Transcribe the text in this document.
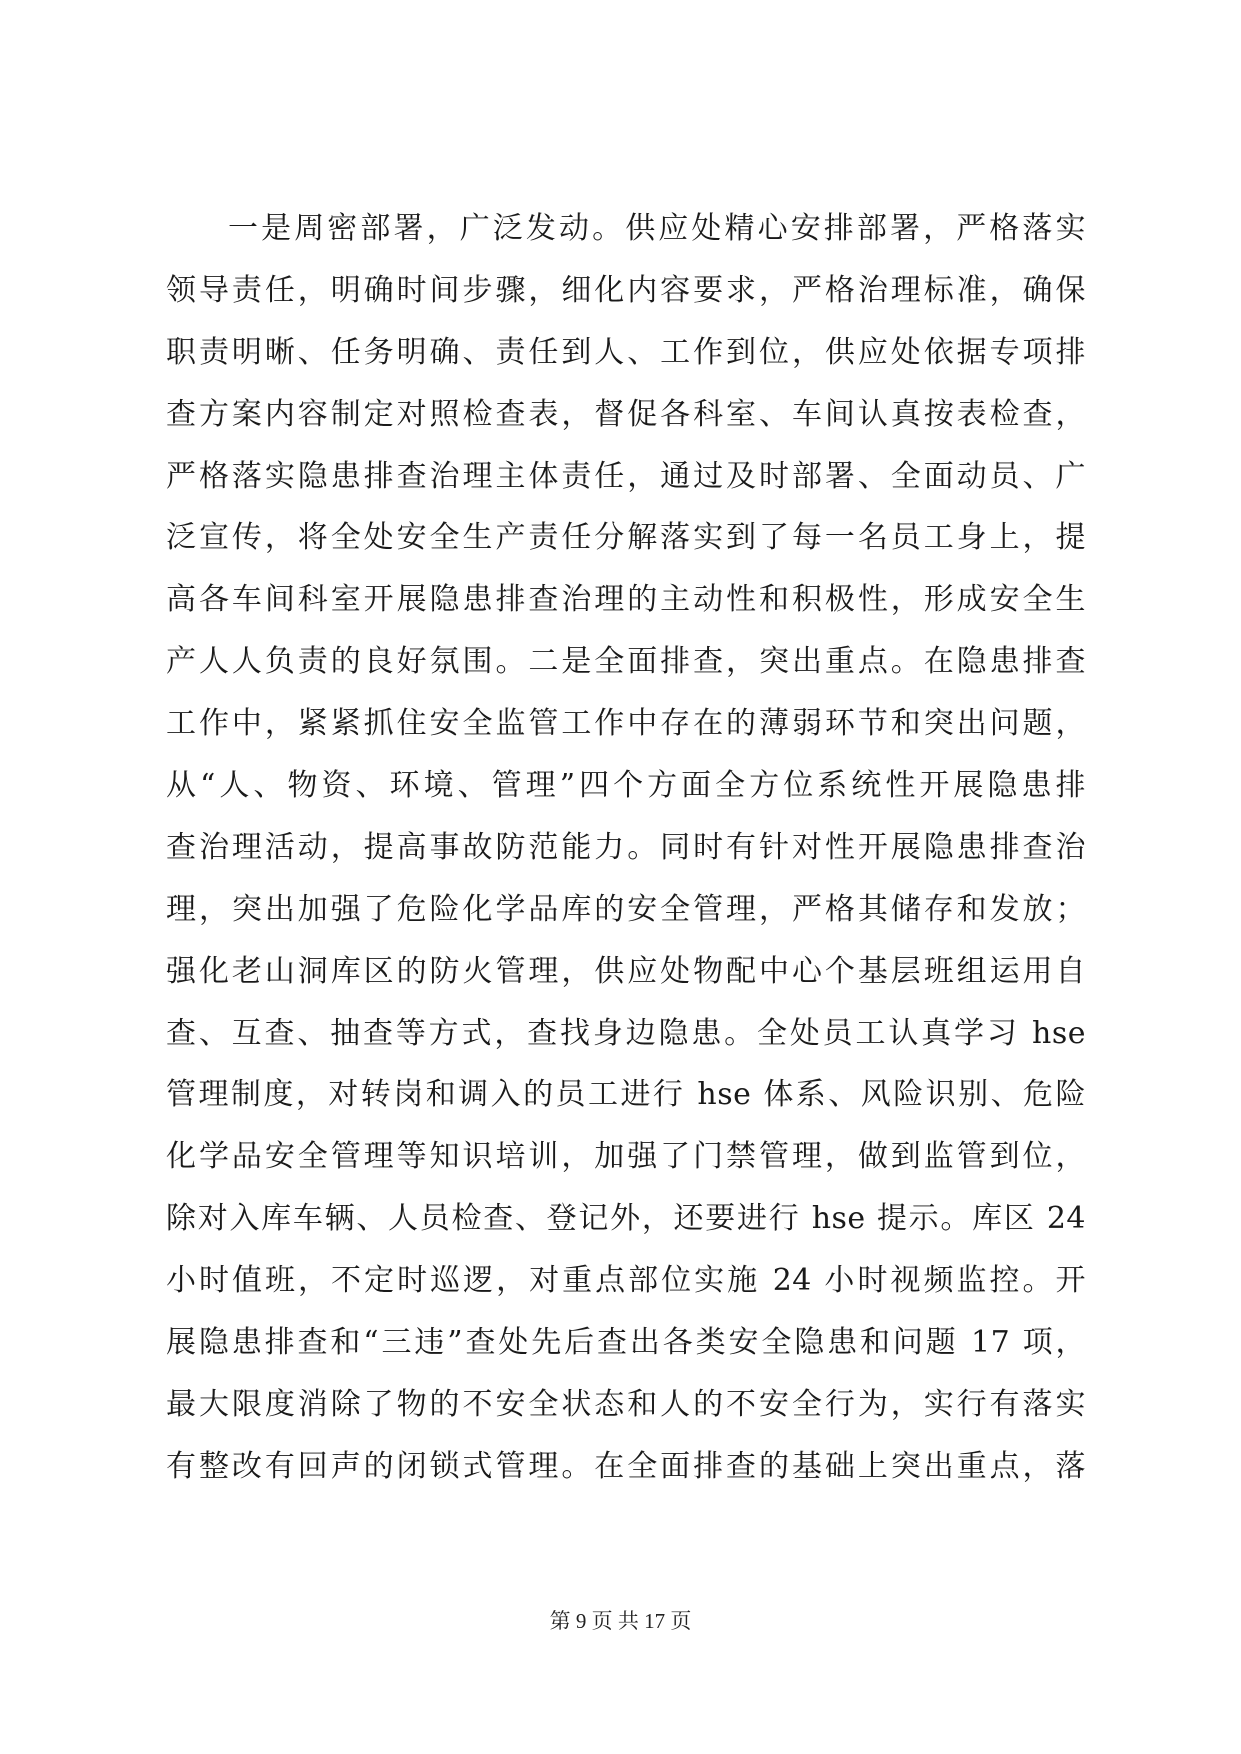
一是周密部署，广泛发动。供应处精心安排部署，严格落实
领导责任，明确时间步骤，细化内容要求，严格治理标准，确保
职责明晰、任务明确、责任到人、工作到位，供应处依据专项排
查方案内容制定对照检查表，督促各科室、车间认真按表检查，
严格落实隐患排查治理主体责任，通过及时部署、全面动员、广
泛宣传，将全处安全生产责任分解落实到了每一名员工身上，提
高各车间科室开展隐患排查治理的主动性和积极性，形成安全生
产人人负责的良好氛围。二是全面排查，突出重点。在隐患排查
工作中，紧紧抓住安全监管工作中存在的薄弱环节和突出问题，
从“人、物资、环境、管理”四个方面全方位系统性开展隐患排
查治理活动，提高事故防范能力。同时有针对性开展隐患排查治
理，突出加强了危险化学品库的安全管理，严格其储存和发放；
强化老山洞库区的防火管理，供应处物配中心个基层班组运用自
查、互查、抽查等方式，查找身边隐患。全处员工认真学习 hse
管理制度，对转岗和调入的员工进行 hse 体系、风险识别、危险
化学品安全管理等知识培训，加强了门禁管理，做到监管到位，
除对入库车辆、人员检查、登记外，还要进行 hse 提示。库区 24
小时值班，不定时巡逻，对重点部位实施 24 小时视频监控。开
展隐患排查和“三违”查处先后查出各类安全隐患和问题 17 项，
最大限度消除了物的不安全状态和人的不安全行为，实行有落实
有整改有回声的闭锁式管理。在全面排查的基础上突出重点，落
第 9 页 共 17 页
